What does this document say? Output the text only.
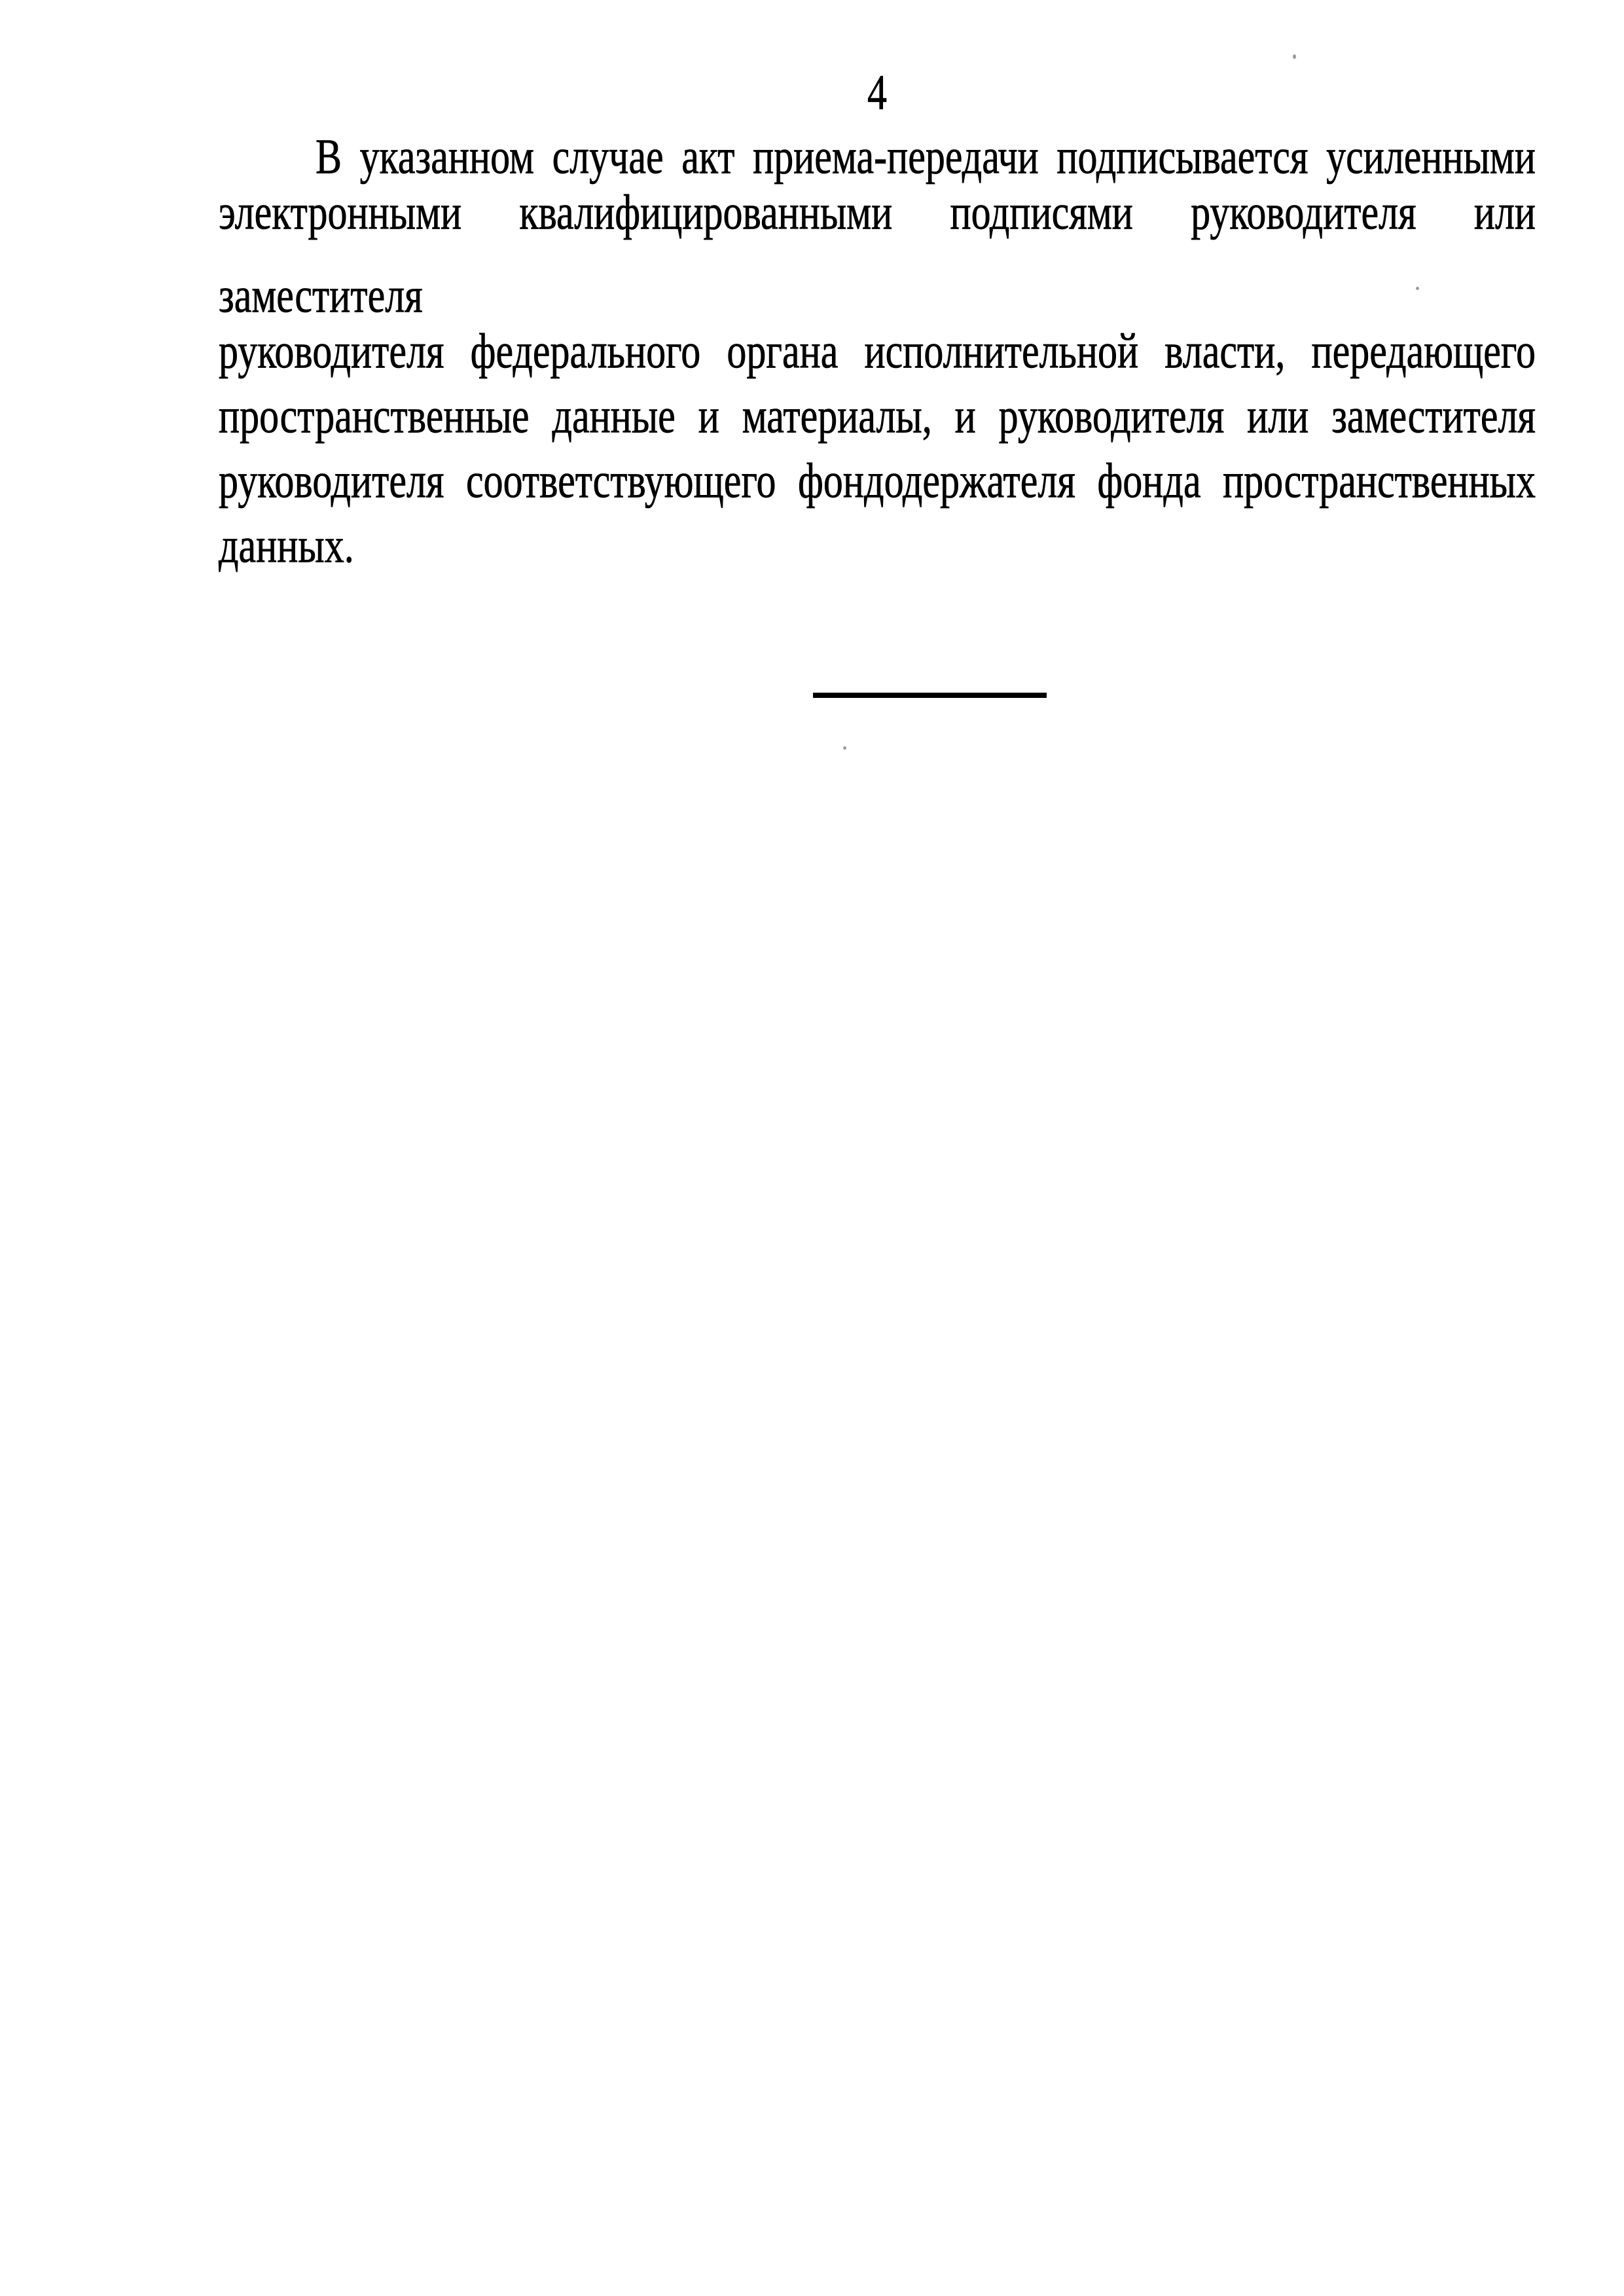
4
В указанном случае акт приема-передачи подписывается усиленными
электронными квалифицированными подписями руководителя или заместителя
руководителя федерального органа исполнительной власти, передающего
пространственные данные и материалы, и руководителя или заместителя
руководителя соответствующего фондодержателя фонда пространственных
данных.
